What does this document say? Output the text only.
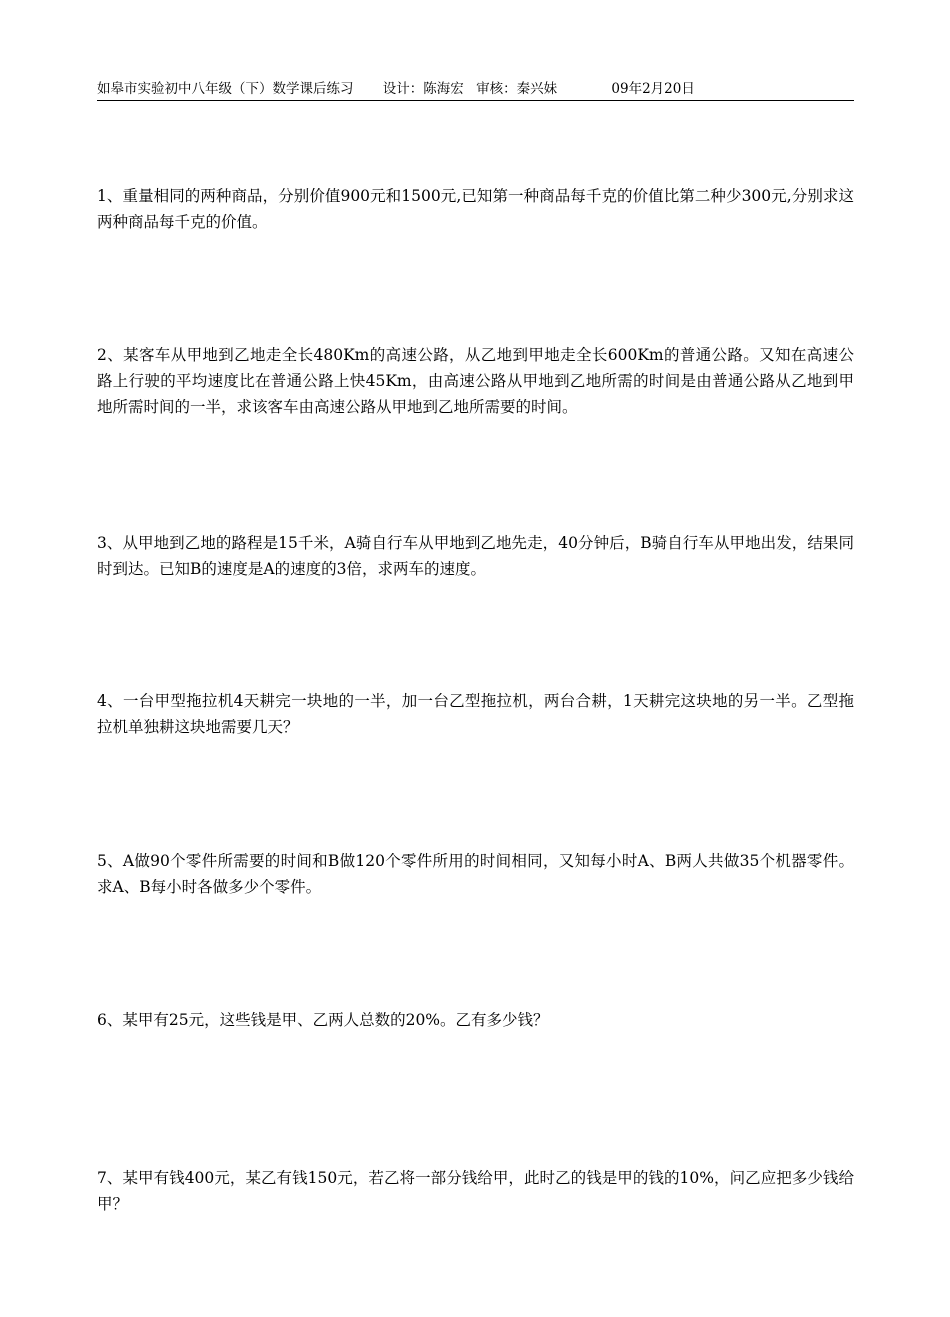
如皋市实验初中八年级（下）数学课后练习 设计：陈海宏 审核：秦兴妹	09年2月20日

1、重量相同的两种商品，分别价值900元和1500元,已知第一种商品每千克的价值比第二种少300元,分别求这两种商品每千克的价值。

2、某客车从甲地到乙地走全长480Km的高速公路，从乙地到甲地走全长600Km的普通公路。又知在高速公路上行驶的平均速度比在普通公路上快45Km，由高速公路从甲地到乙地所需的时间是由普通公路从乙地到甲地所需时间的一半，求该客车由高速公路从甲地到乙地所需要的时间。

3、从甲地到乙地的路程是15千米，A骑自行车从甲地到乙地先走，40分钟后，B骑自行车从甲地出发，结果同时到达。已知B的速度是A的速度的3倍，求两车的速度。

4、一台甲型拖拉机4天耕完一块地的一半，加一台乙型拖拉机，两台合耕，1天耕完这块地的另一半。乙型拖拉机单独耕这块地需要几天？

5、A做90个零件所需要的时间和B做120个零件所用的时间相同，又知每小时A、B两人共做35个机器零件。求A、B每小时各做多少个零件。

6、某甲有25元，这些钱是甲、乙两人总数的20%。乙有多少钱？

7、某甲有钱400元，某乙有钱150元，若乙将一部分钱给甲，此时乙的钱是甲的钱的10%，问乙应把多少钱给甲？
